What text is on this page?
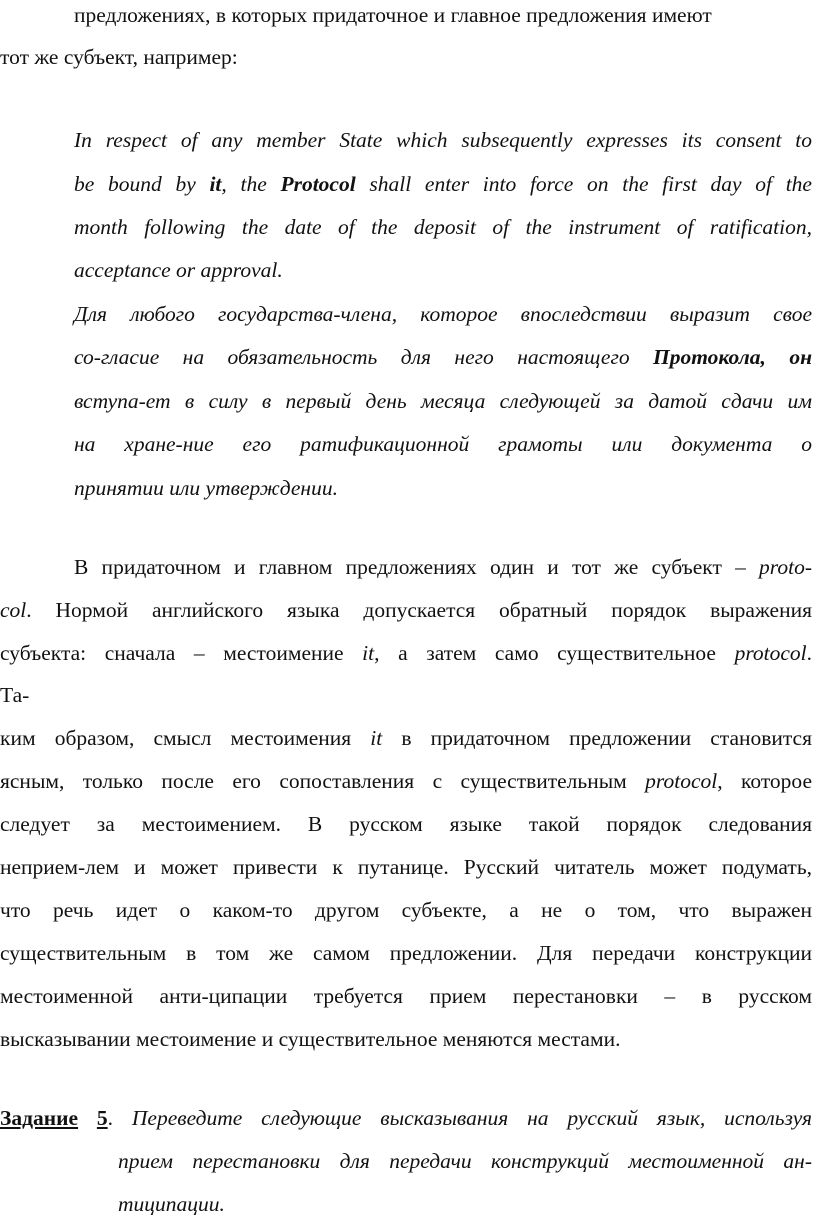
предложениях, в которых придаточное и главное предложения имеют
тот же субъект, например:
In respect of any member State which subsequently expresses its consent to
be bound by it, the Protocol shall enter into force on the first day of the
month following the date of the deposit of the instrument of ratification,
acceptance or approval.
Для любого государства-члена, которое впоследствии выразит свое
со-гласие на обязательность для него настоящего Протокола, он
вступа-ет в силу в первый день месяца следующей за датой сдачи им
на хране-ние его ратификационной грамоты или документа о
принятии или утверждении.
В придаточном и главном предложениях один и тот же субъект – proto-
col. Нормой английского языка допускается обратный порядок выражения
субъекта: сначала – местоимение it, а затем само существительное protocol.
Та-
ким образом, смысл местоимения it в придаточном предложении становится
ясным, только после его сопоставления с существительным protocol, которое
следует за местоимением. В русском языке такой порядок следования
неприем-лем и может привести к путанице. Русский читатель может подумать,
что речь идет о каком-то другом субъекте, а не о том, что выражен
существительным в том же самом предложении. Для передачи конструкции
местоименной анти-ципации требуется прием перестановки – в русском
высказывании местоимение и существительное меняются местами.
Задание 5. Переведите следующие высказывания на русский язык, используя
прием перестановки для передачи конструкций местоименной ан-
тиципации.
